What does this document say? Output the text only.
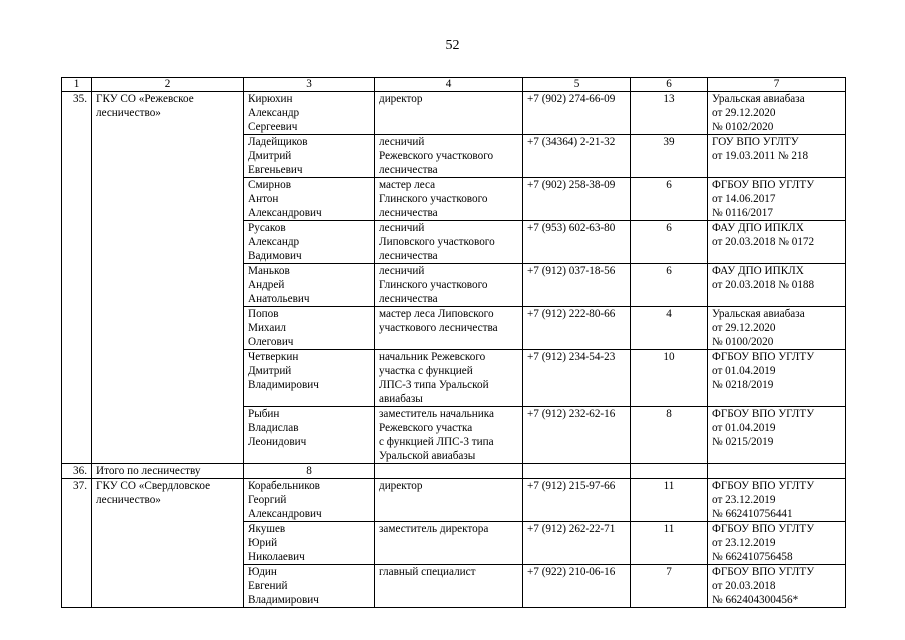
52
1	2	3	4	5	6	7
35.	ГКУ СО «Режевское
лесничество»	Кирюхин
Александр
Сергеевич	директор	+7 (902) 274-66-09	13	Уральская авиабаза
от 29.12.2020
№ 0102/2020

		Ладейщиков
Дмитрий
Евгеньевич	лесничий
Режевского участкового
лесничества	+7 (34364) 2-21-32	39	ГОУ ВПО УГЛТУ
от 19.03.2011 № 218

		Смирнов
Антон
Александрович	мастер леса
Глинского участкового
лесничества	+7 (902) 258-38-09	6	ФГБОУ ВПО УГЛТУ
от 14.06.2017
№ 0116/2017

		Русаков
Александр
Вадимович	лесничий
Липовского участкового
лесничества	+7 (953) 602-63-80	6	ФАУ ДПО ИПКЛХ
от 20.03.2018 № 0172

		Маньков
Андрей
Анатольевич	лесничий
Глинского участкового
лесничества	+7 (912) 037-18-56	6	ФАУ ДПО ИПКЛХ
от 20.03.2018 № 0188

		Попов
Михаил
Олегович	мастер леса Липовского
участкового лесничества	+7 (912) 222-80-66	4	Уральская авиабаза
от 29.12.2020
№ 0100/2020

		Четверкин
Дмитрий
Владимирович	начальник Режевского
участка с функцией
ЛПС-3 типа Уральской
авиабазы	+7 (912) 234-54-23	10	ФГБОУ ВПО УГЛТУ
от 01.04.2019
№ 0218/2019

		Рыбин
Владислав
Леонидович	заместитель начальника
Режевского участка
с функцией ЛПС-3 типа
Уральской авиабазы	+7 (912) 232-62-16	8	ФГБОУ ВПО УГЛТУ
от 01.04.2019
№ 0215/2019

36.	Итого по лесничеству	8				
37.	ГКУ СО «Свердловское
лесничество»	Корабельников
Георгий
Александрович	директор	+7 (912) 215-97-66	11	ФГБОУ ВПО УГЛТУ
от 23.12.2019
№ 662410756441

		Якушев
Юрий
Николаевич	заместитель директора	+7 (912) 262-22-71	11	ФГБОУ ВПО УГЛТУ
от 23.12.2019
№ 662410756458

		Юдин
Евгений
Владимирович	главный специалист	+7 (922) 210-06-16	7	ФГБОУ ВПО УГЛТУ
от 20.03.2018
№ 662404300456*
